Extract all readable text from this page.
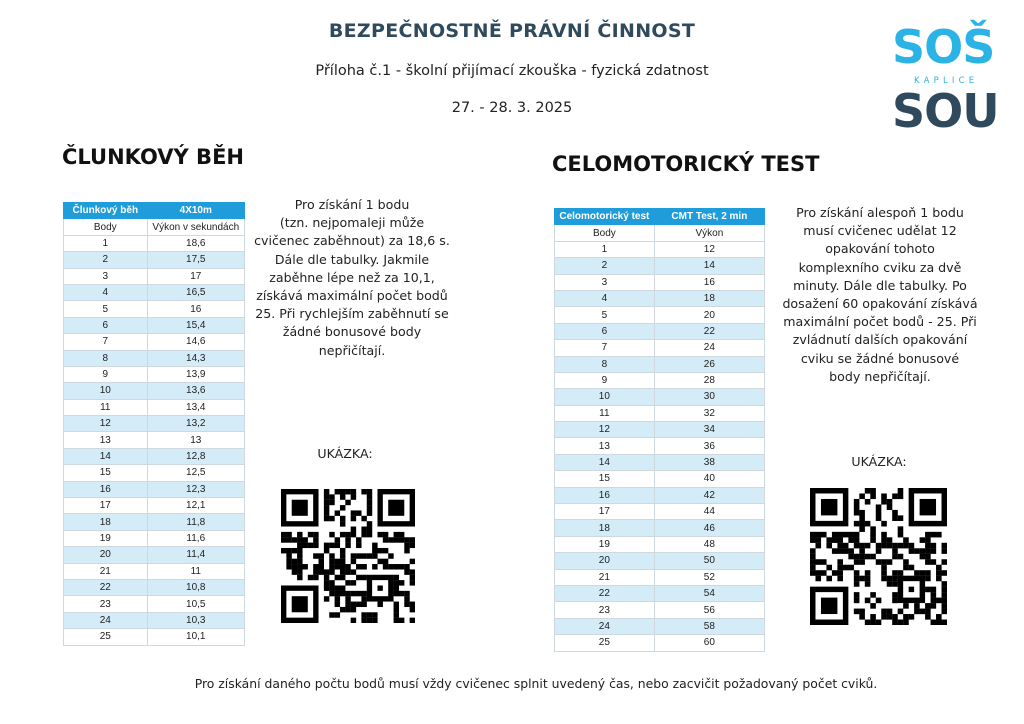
BEZPEČNOSTNĚ PRÁVNÍ ČINNOST
Příloha č.1 - školní přijímací zkouška - fyzická zdatnost
27. - 28. 3. 2025
SOŠ
KAPLICE
SOU
ČLUNKOVÝ BĚH	CELOMOTORICKÝ TEST
Člunkový běh	4X10m
Body	Výkon v sekundách
1	18,6
2	17,5
3	17
4	16,5
5	16
6	15,4
7	14,6
8	14,3
9	13,9
10	13,6
11	13,4
12	13,2
13	13
14	12,8
15	12,5
16	12,3
17	12,1
18	11,8
19	11,6
20	11,4
21	11
22	10,8
23	10,5
24	10,3
25	10,1
Celomotorický test	CMT Test, 2 min
Body	Výkon
1	12
2	14
3	16
4	18
5	20
6	22
7	24
8	26
9	28
10	30
11	32
12	34
13	36
14	38
15	40
16	42
17	44
18	46
19	48
20	50
21	52
22	54
23	56
24	58
25	60
Pro získání 1 bodu
(tzn. nejpomaleji může
cvičenec zaběhnout) za 18,6 s.
Dále dle tabulky. Jakmile
zaběhne lépe než za 10,1,
získává maximální počet bodů
25. Při rychlejším zaběhnutí se
žádné bonusové body
nepřičítají.
Pro získání alespoň 1 bodu
musí cvičenec udělat 12
opakování tohoto
komplexního cviku za dvě
minuty. Dále dle tabulky. Po
dosažení 60 opakování získává
maximální počet bodů - 25. Při
zvládnutí dalších opakování
cviku se žádné bonusové
body nepřičítají.
UKÁZKA:
UKÁZKA:
Pro získání daného počtu bodů musí vždy cvičenec splnit uvedený čas, nebo zacvičit požadovaný počet cviků.
